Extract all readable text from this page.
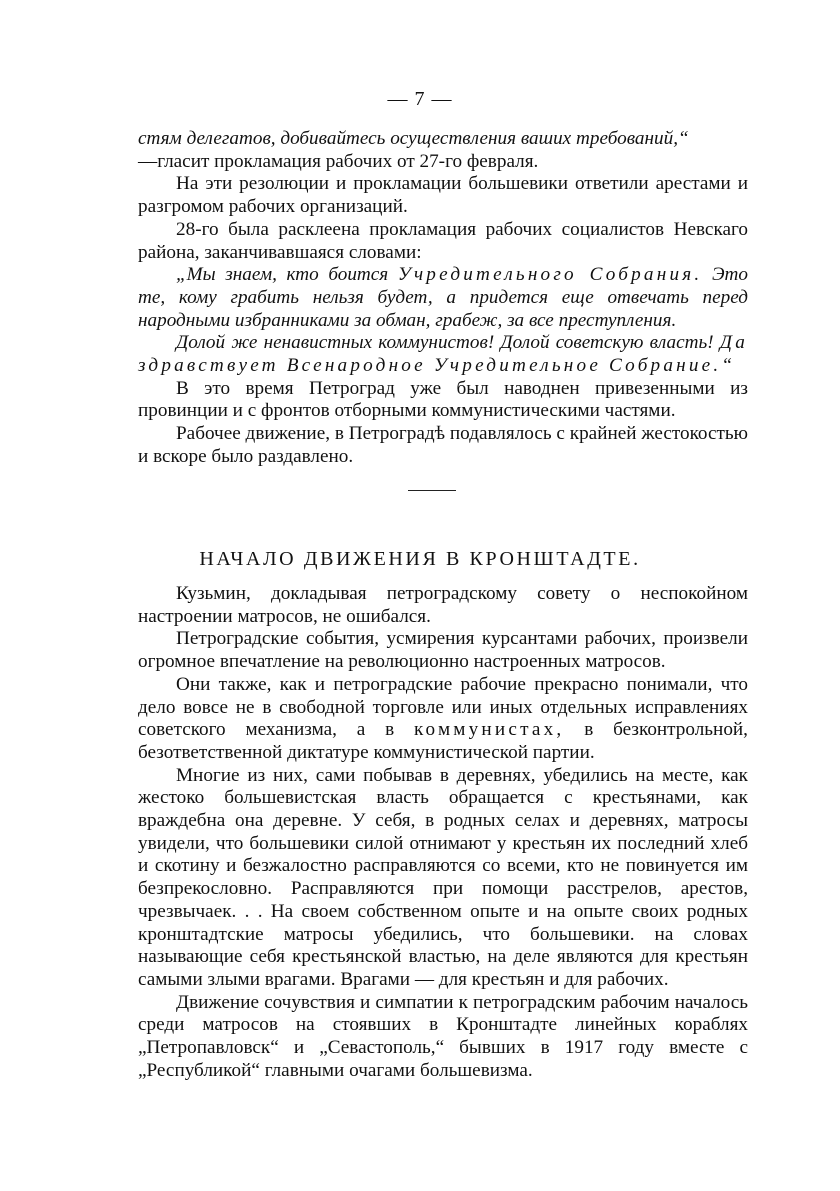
— 7 —

стям делегатов, добивайтесь осуществления ваших требований,“
—гласит прокламация рабочих от 27-го февраля.

На эти резолюции и прокламации большевики ответили арестами и разгромом рабочих организаций.

28-го была расклеена прокламация рабочих социалистов Невскаго района, заканчивавшаяся словами:

„Мы знаем, кто боится Учредительного Собрания. Это те, кому грабить нельзя будет, а придется еще отвечать перед народными избранниками за обман, грабеж, за все преступления.

Долой же ненавистных коммунистов! Долой советскую власть! Да здравствует Всенародное Учредительное Собрание.“

В это время Петроград уже был наводнен привезенными из провинции и с фронтов отборными коммунистическими частями.

Рабочее движение, в Петроградѣ подавлялось с крайней жестокостью и вскоре было раздавлено.

НАЧАЛО ДВИЖЕНИЯ В КРОНШТАДТЕ.

Кузьмин, докладывая петроградскому совету о неспокойном настроении матросов, не ошибался.

Петроградские события, усмирения курсантами рабочих, произвели огромное впечатление на революционно настроенных матросов.

Они также, как и петроградские рабочие прекрасно понимали, что дело вовсе не в свободной торговле или иных отдельных исправлениях советского механизма, а в коммунистах, в безконтрольной, безответственной диктатуре коммунистической партии.

Многие из них, сами побывав в деревнях, убедились на месте, как жестоко большевистская власть обращается с крестьянами, как враждебна она деревне. У себя, в родных селах и деревнях, матросы увидели, что большевики силой отнимают у крестьян их последний хлеб и скотину и безжалостно расправляются со всеми, кто не повинуется им безпрекословно. Расправляются при помощи расстрелов, арестов, чрезвычаек. . . На своем собственном опыте и на опыте своих родных кронштадтские матросы убедились, что большевики. на словах называющие себя крестьянской властью, на деле являются для крестьян самыми злыми врагами. Врагами — для крестьян и для рабочих.

Движение сочувствия и симпатии к петроградским рабочим началось среди матросов на стоявших в Кронштадте линейных кораблях „Петропавловск“ и „Севастополь,“ бывших в 1917 году вместе с „Республикой“ главными очагами большевизма.
